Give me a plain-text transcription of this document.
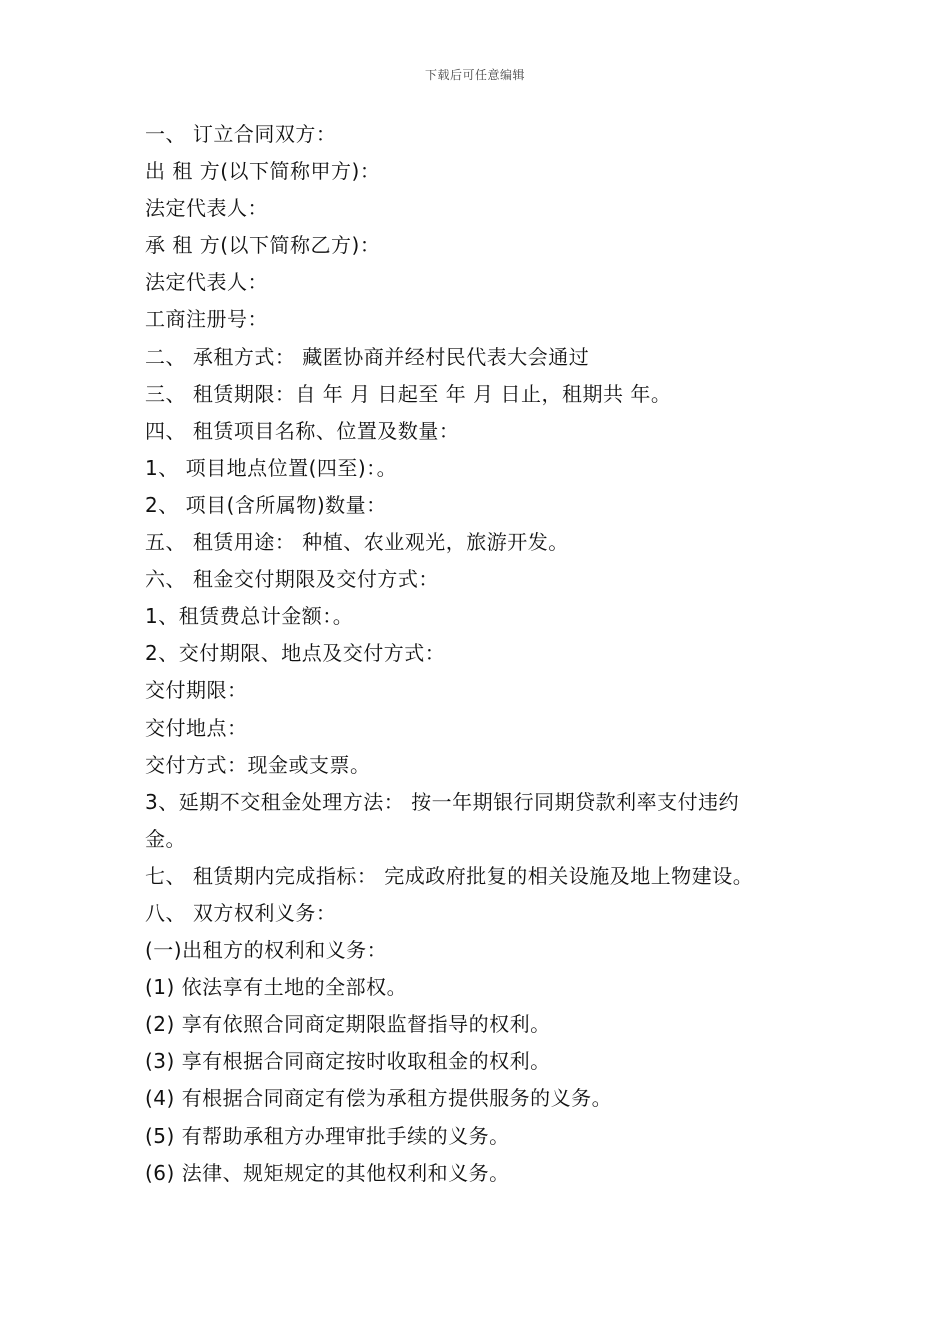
下载后可任意编辑
一、 订立合同双方：
出 租 方(以下简称甲方)：
法定代表人：
承 租 方(以下简称乙方)：
法定代表人：
工商注册号：
二、 承租方式： 藏匿协商并经村民代表大会通过
三、 租赁期限：自 年 月 日起至 年 月 日止，租期共 年。
四、 租赁项目名称、位置及数量：
1、 项目地点位置(四至)：。
2、 项目(含所属物)数量：
五、 租赁用途： 种植、农业观光，旅游开发。
六、 租金交付期限及交付方式：
1、租赁费总计金额：。
2、交付期限、地点及交付方式：
交付期限：
交付地点：
交付方式：现金或支票。
3、延期不交租金处理方法： 按一年期银行同期贷款利率支付违约
金。
七、 租赁期内完成指标： 完成政府批复的相关设施及地上物建设。
八、 双方权利义务：
(一)出租方的权利和义务：
(1) 依法享有土地的全部权。
(2) 享有依照合同商定期限监督指导的权利。
(3) 享有根据合同商定按时收取租金的权利。
(4) 有根据合同商定有偿为承租方提供服务的义务。
(5) 有帮助承租方办理审批手续的义务。
(6) 法律、规矩规定的其他权利和义务。
